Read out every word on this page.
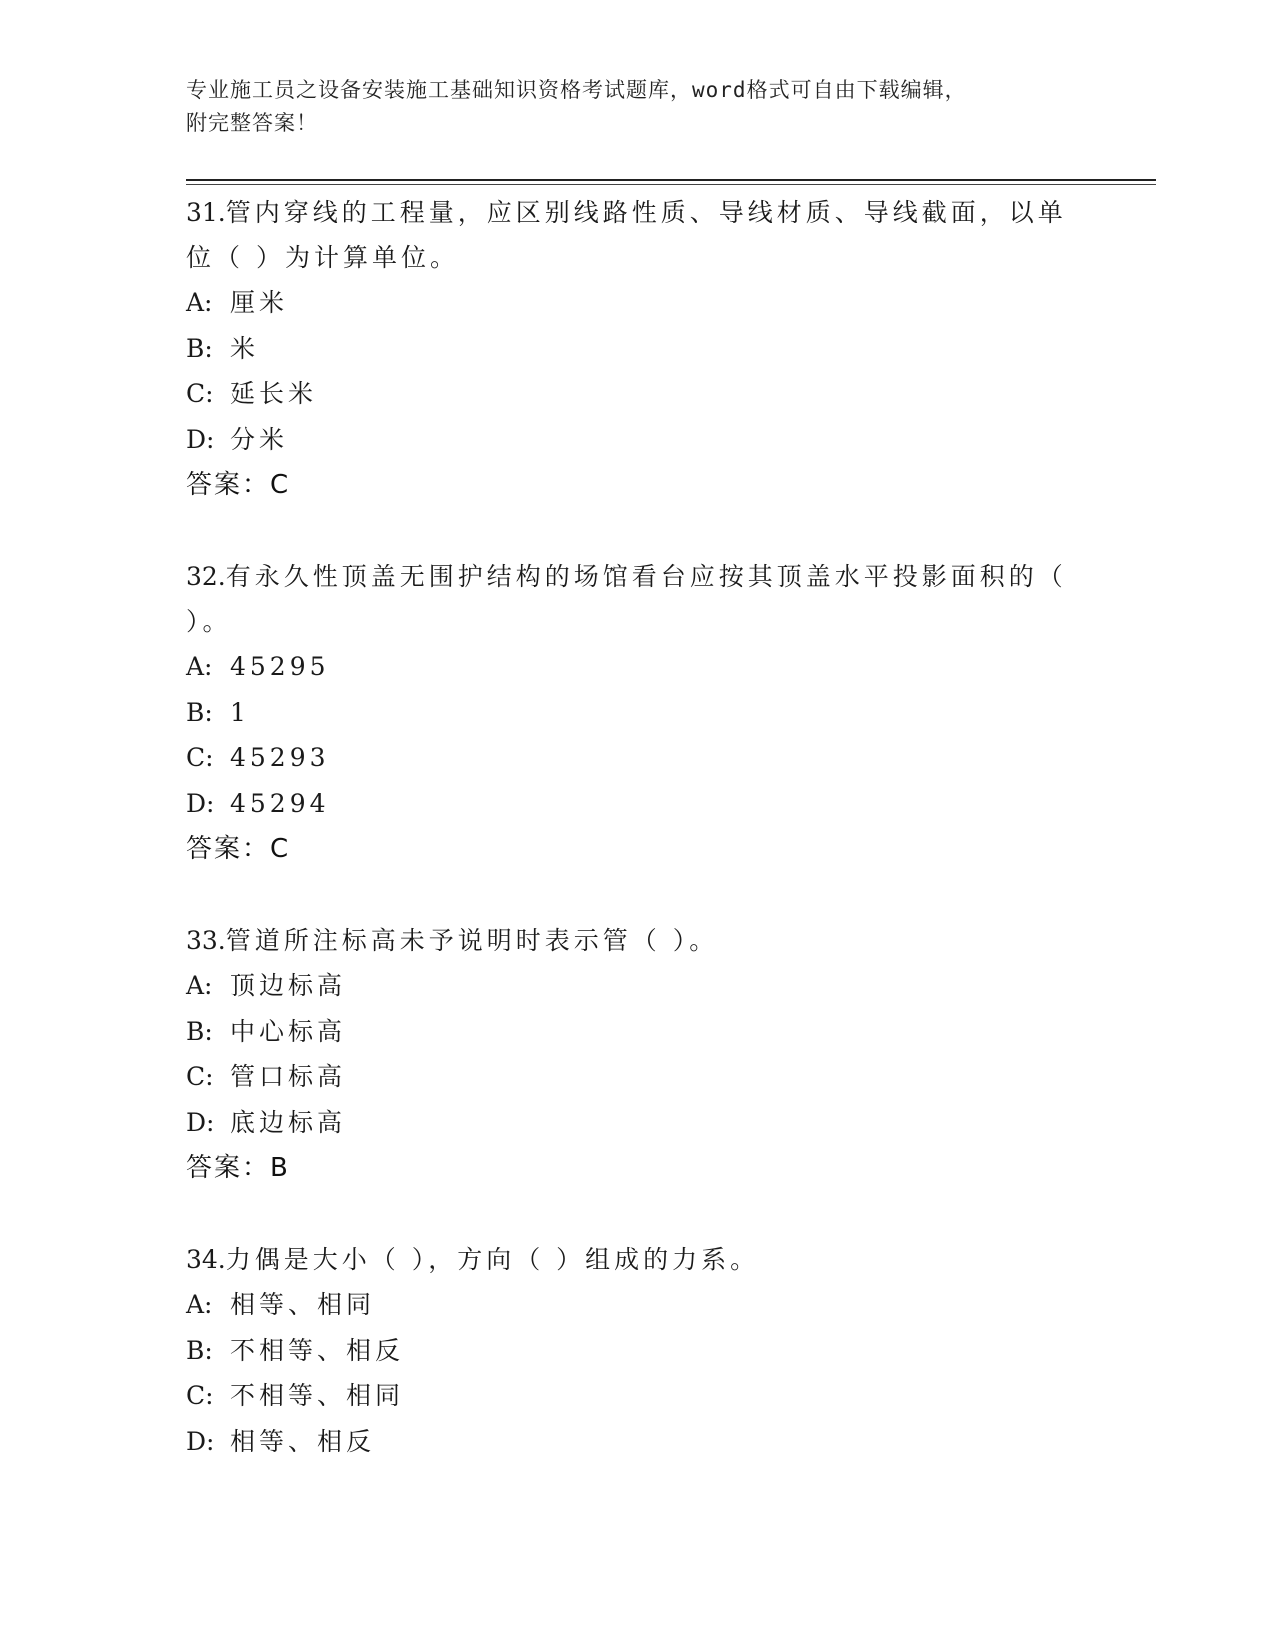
专业施工员之设备安装施工基础知识资格考试题库，word格式可自由下载编辑，
附完整答案！
31.管内穿线的工程量，应区别线路性质、导线材质、导线截面，以单
位（ ）为计算单位。
A: 厘米
B: 米
C: 延长米
D: 分米
答案：C
32.有永久性顶盖无围护结构的场馆看台应按其顶盖水平投影面积的（
）。
A: 45295
B: 1
C: 45293
D: 45294
答案：C
33.管道所注标高未予说明时表示管（ ）。
A: 顶边标高
B: 中心标高
C: 管口标高
D: 底边标高
答案：B
34.力偶是大小（ ），方向（ ）组成的力系。
A: 相等、相同
B: 不相等、相反
C: 不相等、相同
D: 相等、相反
